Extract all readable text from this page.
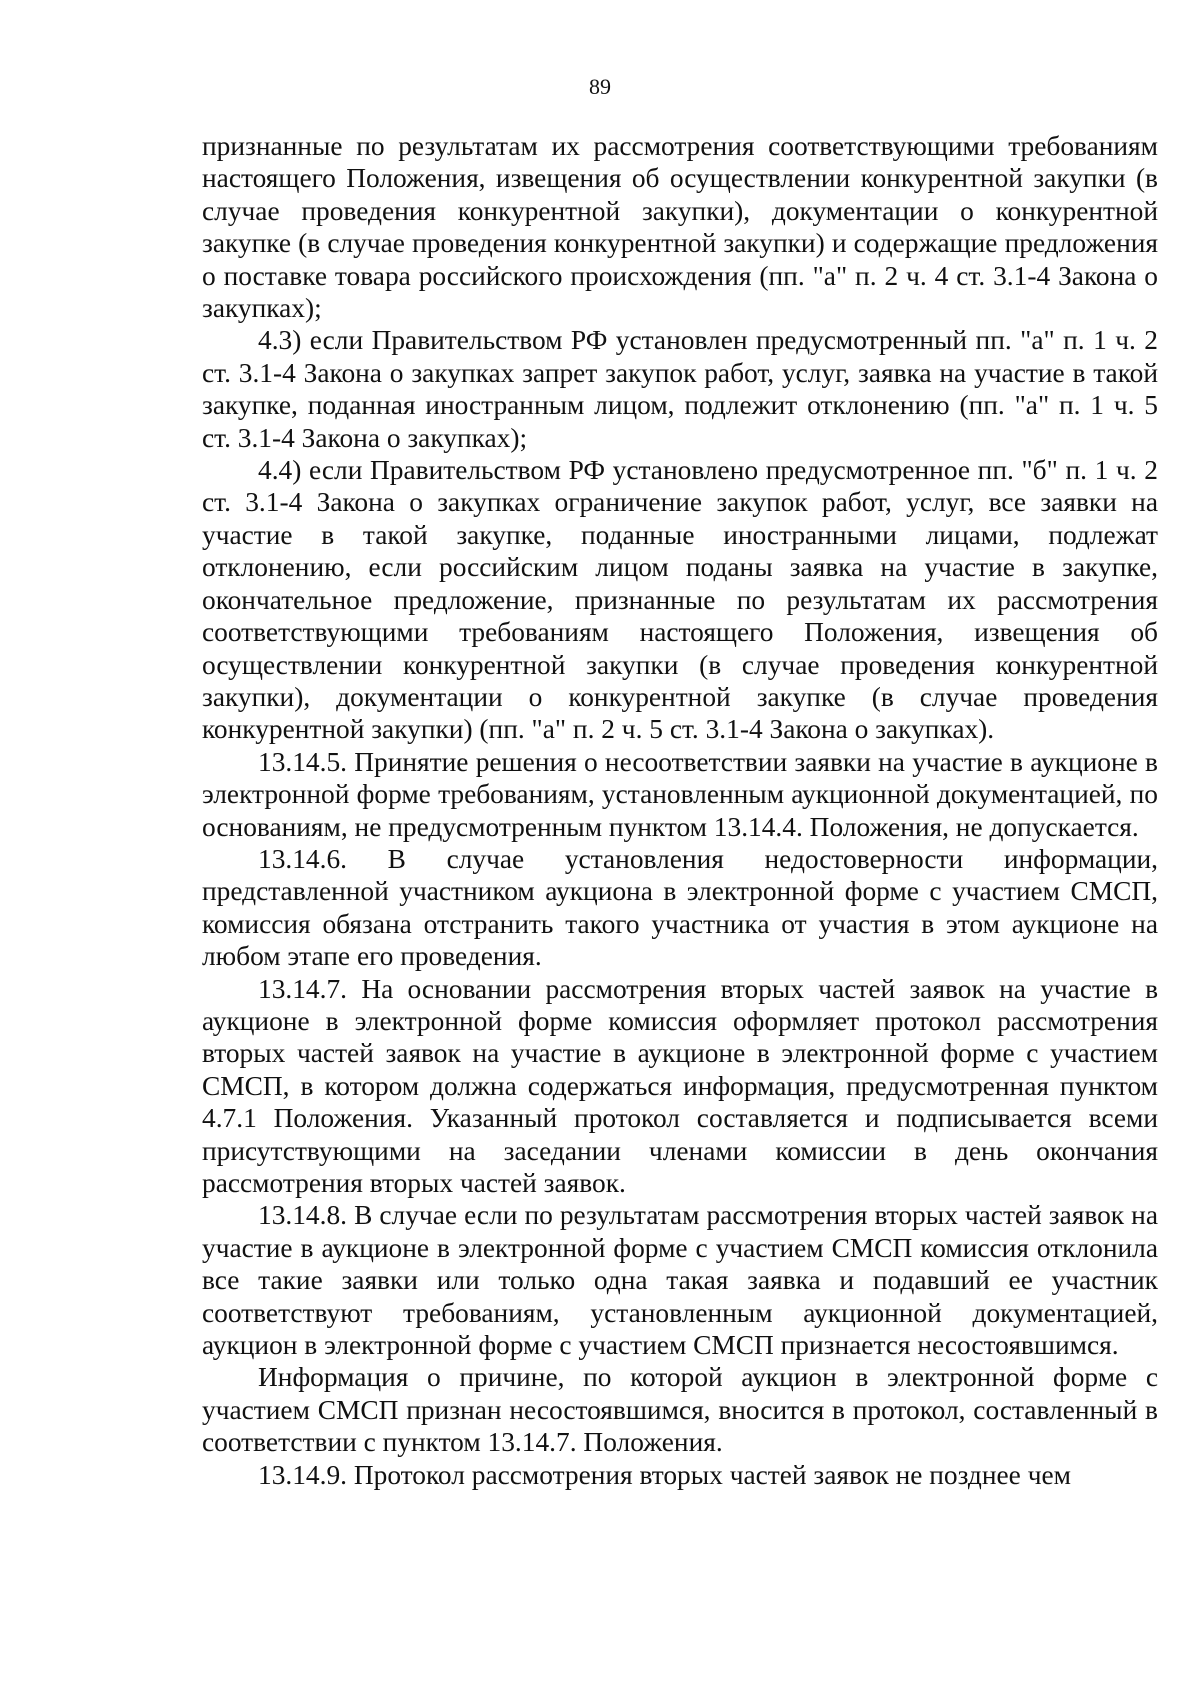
89

признанные по результатам их рассмотрения соответствующими требованиям настоящего Положения, извещения об осуществлении конкурентной закупки (в случае проведения конкурентной закупки), документации о конкурентной закупке (в случае проведения конкурентной закупки) и содержащие предложения о поставке товара российского происхождения (пп. "а" п. 2 ч. 4 ст. 3.1-4 Закона о закупках);

4.3) если Правительством РФ установлен предусмотренный пп. "а" п. 1 ч. 2 ст. 3.1-4 Закона о закупках запрет закупок работ, услуг, заявка на участие в такой закупке, поданная иностранным лицом, подлежит отклонению (пп. "а" п. 1 ч. 5 ст. 3.1-4 Закона о закупках);

4.4) если Правительством РФ установлено предусмотренное пп. "б" п. 1 ч. 2 ст. 3.1-4 Закона о закупках ограничение закупок работ, услуг, все заявки на участие в такой закупке, поданные иностранными лицами, подлежат отклонению, если российским лицом поданы заявка на участие в закупке, окончательное предложение, признанные по результатам их рассмотрения соответствующими требованиям настоящего Положения, извещения об осуществлении конкурентной закупки (в случае проведения конкурентной закупки), документации о конкурентной закупке (в случае проведения конкурентной закупки) (пп. "а" п. 2 ч. 5 ст. 3.1-4 Закона о закупках).

13.14.5. Принятие решения о несоответствии заявки на участие в аукционе в электронной форме требованиям, установленным аукционной документацией, по основаниям, не предусмотренным пунктом 13.14.4. Положения, не допускается.

13.14.6. В случае установления недостоверности информации, представленной участником аукциона в электронной форме с участием СМСП, комиссия обязана отстранить такого участника от участия в этом аукционе на любом этапе его проведения.

13.14.7. На основании рассмотрения вторых частей заявок на участие в аукционе в электронной форме комиссия оформляет протокол рассмотрения вторых частей заявок на участие в аукционе в электронной форме с участием СМСП, в котором должна содержаться информация, предусмотренная пунктом 4.7.1 Положения. Указанный протокол составляется и подписывается всеми присутствующими на заседании членами комиссии в день окончания рассмотрения вторых частей заявок.

13.14.8. В случае если по результатам рассмотрения вторых частей заявок на участие в аукционе в электронной форме с участием СМСП комиссия отклонила все такие заявки или только одна такая заявка и подавший ее участник соответствуют требованиям, установленным аукционной документацией, аукцион в электронной форме с участием СМСП признается несостоявшимся.

Информация о причине, по которой аукцион в электронной форме с участием СМСП признан несостоявшимся, вносится в протокол, составленный в соответствии с пунктом 13.14.7. Положения.

13.14.9. Протокол рассмотрения вторых частей заявок не позднее чем
